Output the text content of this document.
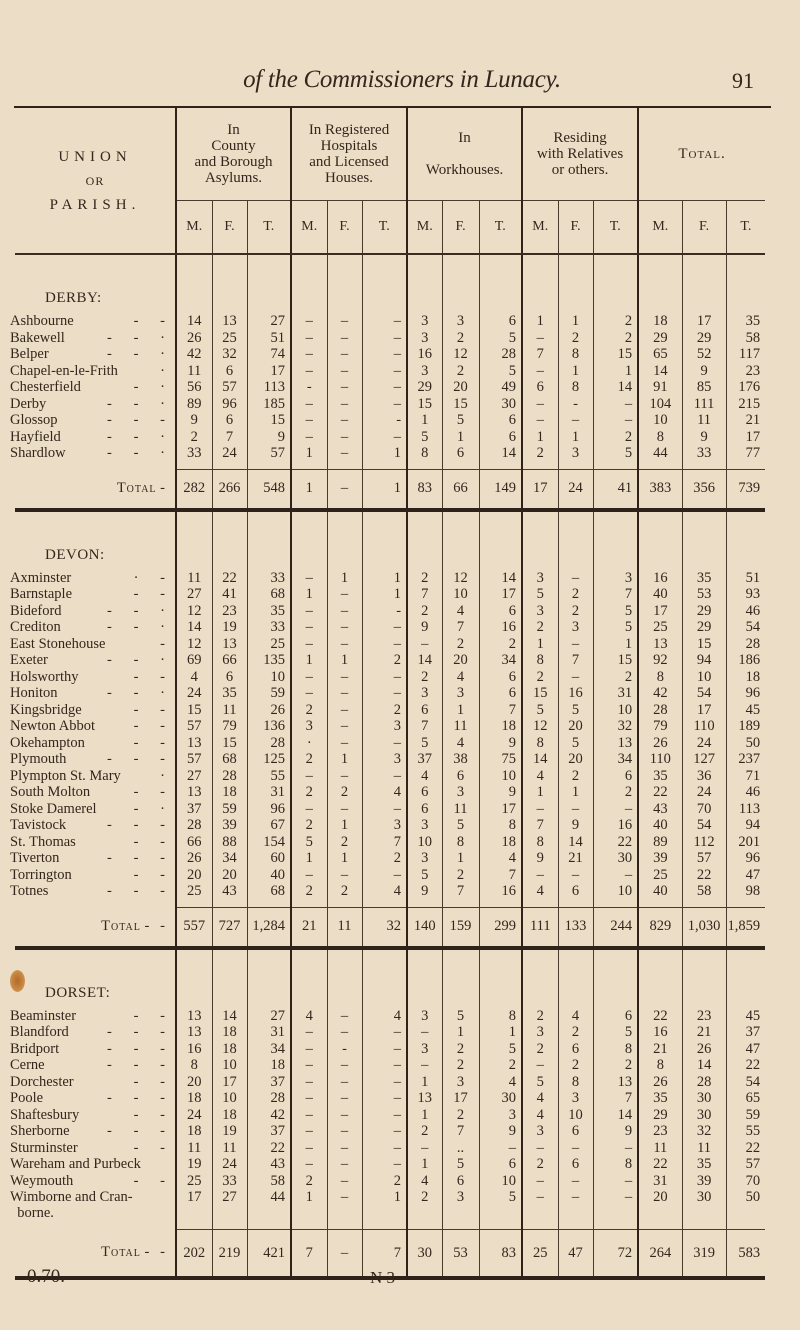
of the Commissioners in Lunacy.	91
UNION
OR
PARISH.	In
County
and Borough
Asylums.			In Registered
Hospitals
and Licensed
Houses.			In

Workhouses.			Residing
with Relatives
or others.			Total.		
	M.	F.	T.	M.	F.	T.	M.	F.	T.	M.	F.	T.	M.	F.	T.
DERBY:															
Ashbourne -      -	14	13	27	–	–	–	3	3	6	1	1	2	18	17	35
Bakewell -      -      ·	26	25	51	–	–	–	3	2	5	–	2	2	29	29	58
Belper -      -      ·	42	32	74	–	–	–	16	12	28	7	8	15	65	52	117
Chapel-en-le-Frith ·	11	6	17	–	–	–	3	2	5	–	1	1	14	9	23
Chesterfield -      ·	56	57	113	-	–	–	29	20	49	6	8	14	91	85	176
Derby -      -      ·	89	96	185	–	–	–	15	15	30	–	-	–	104	111	215
Glossop -      -      -	9	6	15	–	–	-	1	5	6	–	–	–	10	11	21
Hayfield -      -      ·	2	7	9	–	–	–	5	1	6	1	1	2	8	9	17
Shardlow -      -      ·	33	24	57	1	–	1	8	6	14	2	3	5	44	33	77

Total -	282	266	548	1	–	1	83	66	149	17	24	41	383	356	739
DEVON:															
Axminster ·      -	11	22	33	–	1	1	2	12	14	3	–	3	16	35	51
Barnstaple -      -	27	41	68	1	–	1	7	10	17	5	2	7	40	53	93
Bideford -      -      ·	12	23	35	–	–	-	2	4	6	3	2	5	17	29	46
Crediton -      -      ·	14	19	33	–	–	–	9	7	16	2	3	5	25	29	54
East Stonehouse -	12	13	25	–	–	–	–	2	2	1	–	1	13	15	28
Exeter -      -      ·	69	66	135	1	1	2	14	20	34	8	7	15	92	94	186
Holsworthy -      -	4	6	10	–	–	–	2	4	6	2	–	2	8	10	18
Honiton -      -      ·	24	35	59	–	–	–	3	3	6	15	16	31	42	54	96
Kingsbridge -      -	15	11	26	2	–	2	6	1	7	5	5	10	28	17	45
Newton Abbot -      -	57	79	136	3	–	3	7	11	18	12	20	32	79	110	189
Okehampton -      -	13	15	28	·	–	–	5	4	9	8	5	13	26	24	50
Plymouth -      -      -	57	68	125	2	1	3	37	38	75	14	20	34	110	127	237
Plympton St. Mary ·	27	28	55	–	–	–	4	6	10	4	2	6	35	36	71
South Molton -      -	13	18	31	2	2	4	6	3	9	1	1	2	22	24	46
Stoke Damerel -      ·	37	59	96	–	–	–	6	11	17	–	–	–	43	70	113
Tavistock -      -      -	28	39	67	2	1	3	3	5	8	7	9	16	40	54	94
St. Thomas -      -	66	88	154	5	2	7	10	8	18	8	14	22	89	112	201
Tiverton -      -      -	26	34	60	1	1	2	3	1	4	9	21	30	39	57	96
Torrington -      -	20	20	40	–	–	–	5	2	7	–	–	–	25	22	47
Totnes -      -      -	25	43	68	2	2	4	9	7	16	4	6	10	40	58	98

Total -   -	557	727	1,284	21	11	32	140	159	299	111	133	244	829	1,030	1,859
DORSET:															
Beaminster -      -	13	14	27	4	–	4	3	5	8	2	4	6	22	23	45
Blandford -      -      -	13	18	31	–	–	–	–	1	1	3	2	5	16	21	37
Bridport -      -      -	16	18	34	–	-	–	3	2	5	2	6	8	21	26	47
Cerne -      -      -	8	10	18	–	–	–	–	2	2	–	2	2	8	14	22
Dorchester -      -	20	17	37	–	–	–	1	3	4	5	8	13	26	28	54
Poole -      -      -	18	10	28	–	–	–	13	17	30	4	3	7	35	30	65
Shaftesbury -      -	24	18	42	–	–	–	1	2	3	4	10	14	29	30	59
Sherborne -      -      -	18	19	37	–	–	–	2	7	9	3	6	9	23	32	55
Sturminster -      -	11	11	22	–	–	–	–	..	–	–	–	–	11	11	22
Wareham and Purbeck	19	24	43	–	–	–	1	5	6	2	6	8	22	35	57
Weymouth -      -	25	33	58	2	–	2	4	6	10	–	–	–	31	39	70
Wimborne and Cran-
borne.	17	27	44	1	–	1	2	3	5	–	–	–	20	30	50

Total -   -	202	219	421	7	–	7	30	53	83	25	47	72	264	319	583
0.70.	N 3
